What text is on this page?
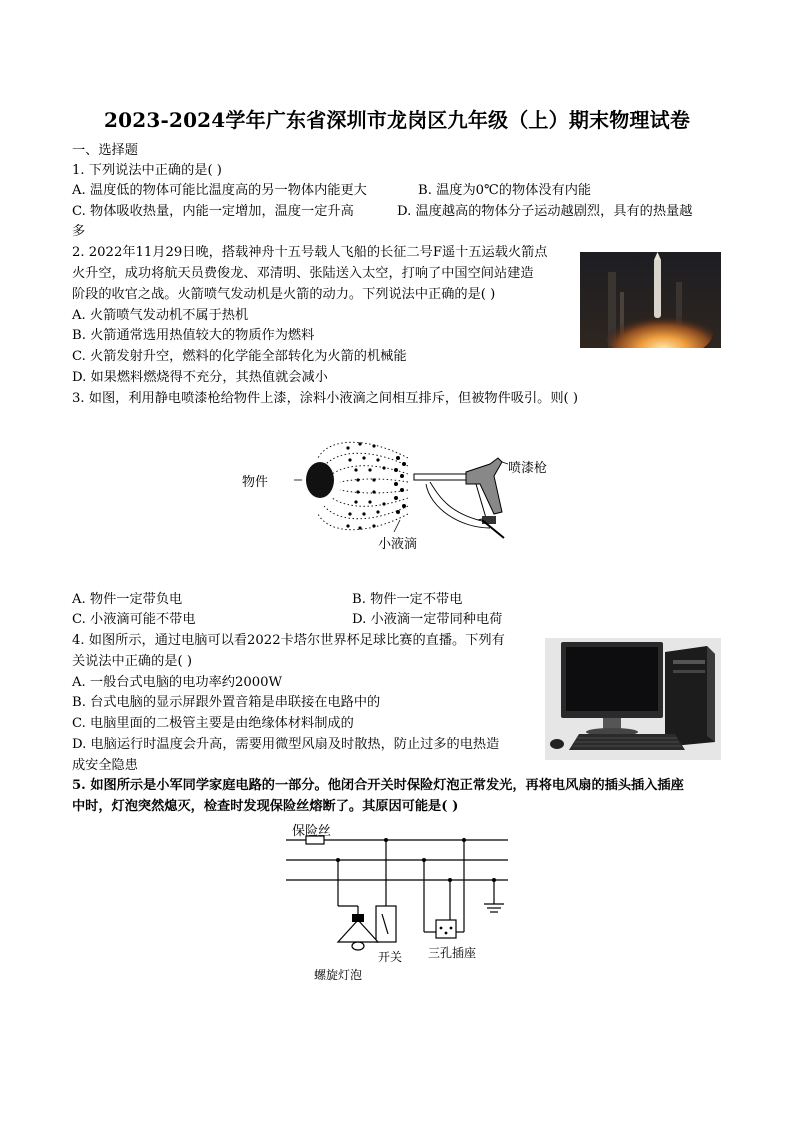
2023-2024学年广东省深圳市龙岗区九年级（上）期末物理试卷
一、选择题
1. 下列说法中正确的是( )
A. 温度低的物体可能比温度高的另一物体内能更大	B. 温度为0℃的物体没有内能
C. 物体吸收热量，内能一定增加，温度一定升高	D. 温度越高的物体分子运动越剧烈，具有的热量越
多
2. 2022年11月29日晚，搭载神舟十五号载人飞船的长征二号F遥十五运载火箭点
火升空，成功将航天员费俊龙、邓清明、张陆送入太空，打响了中国空间站建造
阶段的收官之战。火箭喷气发动机是火箭的动力。下列说法中正确的是( )
A. 火箭喷气发动机不属于热机
B. 火箭通常选用热值较大的物质作为燃料
C. 火箭发射升空，燃料的化学能全部转化为火箭的机械能
D. 如果燃料燃烧得不充分，其热值就会减小
3. 如图，利用静电喷漆枪给物件上漆，涂料小液滴之间相互排斥，但被物件吸引。则( )
物件
喷漆枪
小液滴
A. 物件一定带负电	B. 物件一定不带电
C. 小液滴可能不带电	D. 小液滴一定带同种电荷
4. 如图所示，通过电脑可以看2022卡塔尔世界杯足球比赛的直播。下列有
关说法中正确的是( )
A. 一般台式电脑的电功率约2000W
B. 台式电脑的显示屏跟外置音箱是串联接在电路中的
C. 电脑里面的二极管主要是由绝缘体材料制成的
D. 电脑运行时温度会升高，需要用微型风扇及时散热，防止过多的电热造
成安全隐患
5. 如图所示是小军同学家庭电路的一部分。他闭合开关时保险灯泡正常发光，再将电风扇的插头插入插座
中时，灯泡突然熄灭，检查时发现保险丝熔断了。其原因可能是( )
保险丝
开关 三孔插座
螺旋灯泡
